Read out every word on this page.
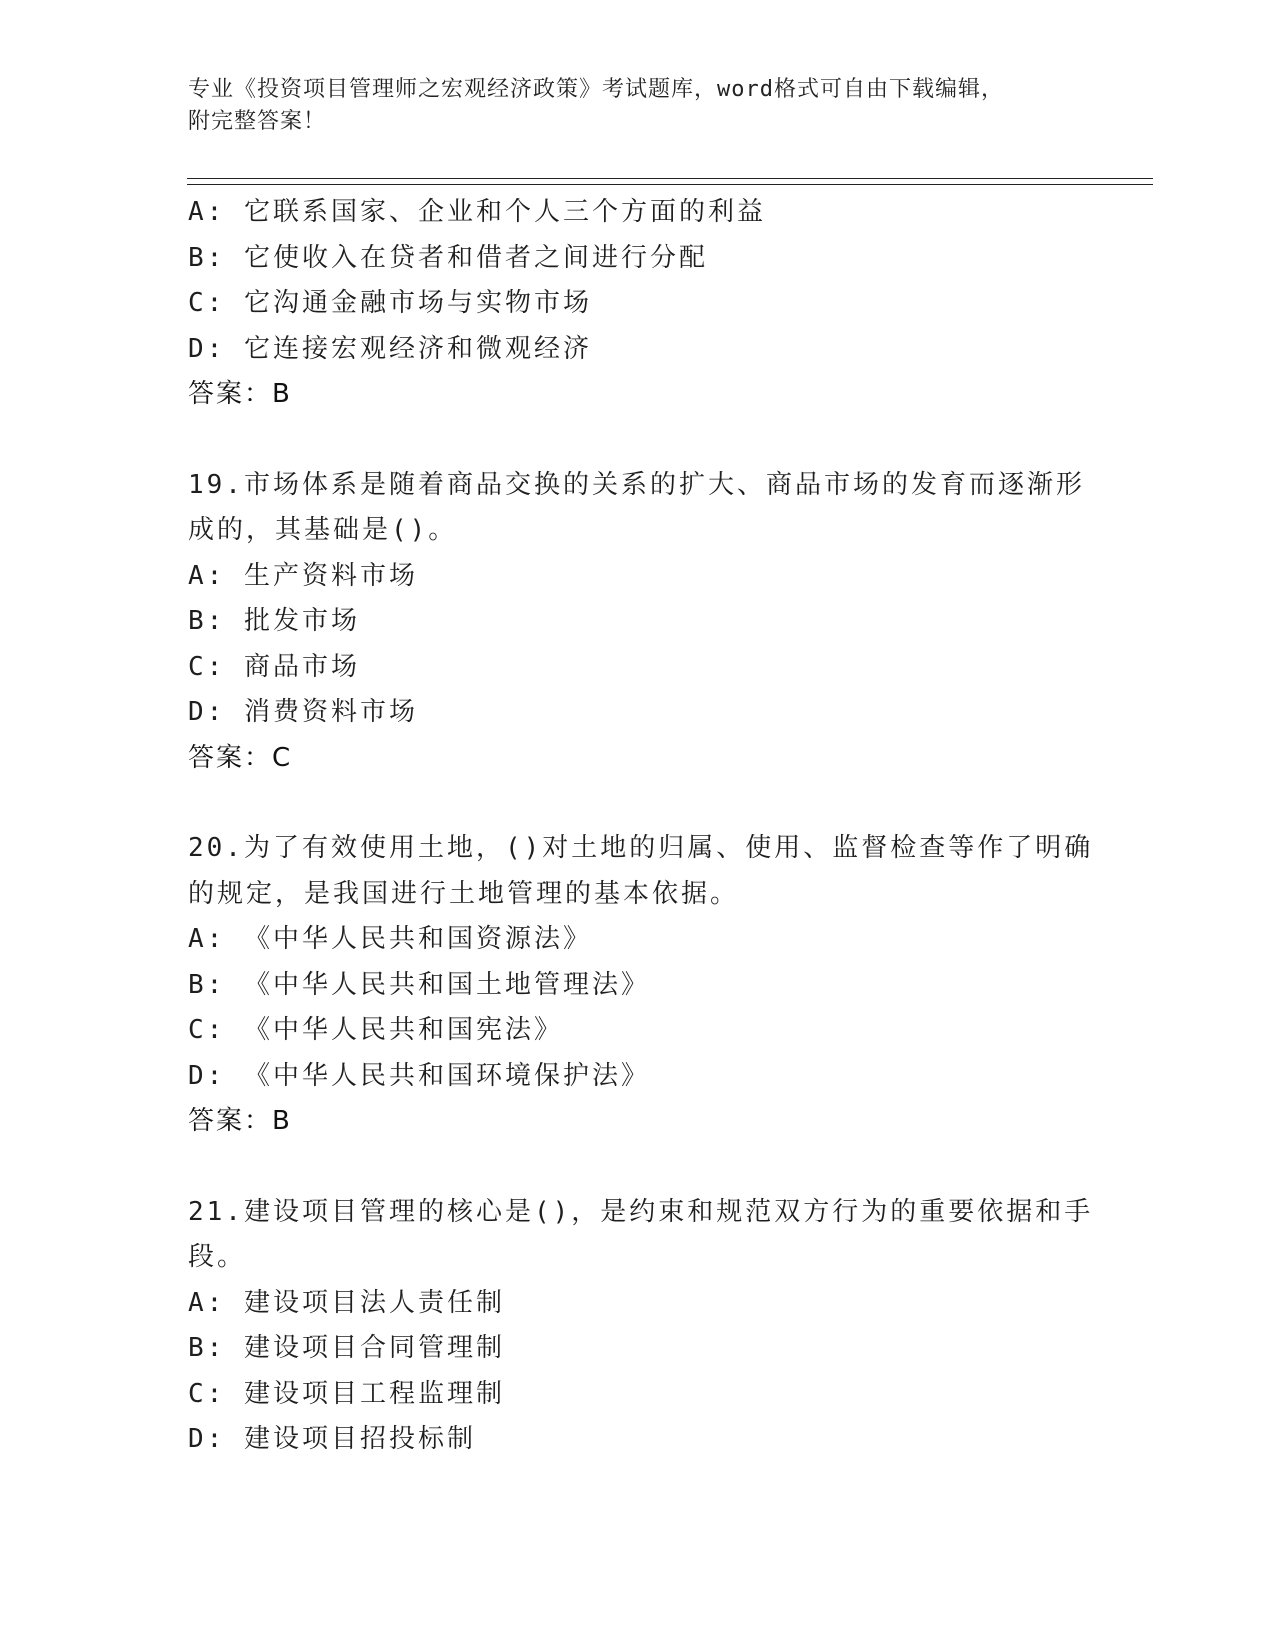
专业《投资项目管理师之宏观经济政策》考试题库，word格式可自由下载编辑，
附完整答案！
A: 它联系国家、企业和个人三个方面的利益
B: 它使收入在贷者和借者之间进行分配
C: 它沟通金融市场与实物市场
D: 它连接宏观经济和微观经济
答案：B
19.市场体系是随着商品交换的关系的扩大、商品市场的发育而逐渐形
成的，其基础是()。
A: 生产资料市场
B: 批发市场
C: 商品市场
D: 消费资料市场
答案：C
20.为了有效使用土地，()对土地的归属、使用、监督检查等作了明确
的规定，是我国进行土地管理的基本依据。
A: 《中华人民共和国资源法》
B: 《中华人民共和国土地管理法》
C: 《中华人民共和国宪法》
D: 《中华人民共和国环境保护法》
答案：B
21.建设项目管理的核心是()，是约束和规范双方行为的重要依据和手
段。
A: 建设项目法人责任制
B: 建设项目合同管理制
C: 建设项目工程监理制
D: 建设项目招投标制
